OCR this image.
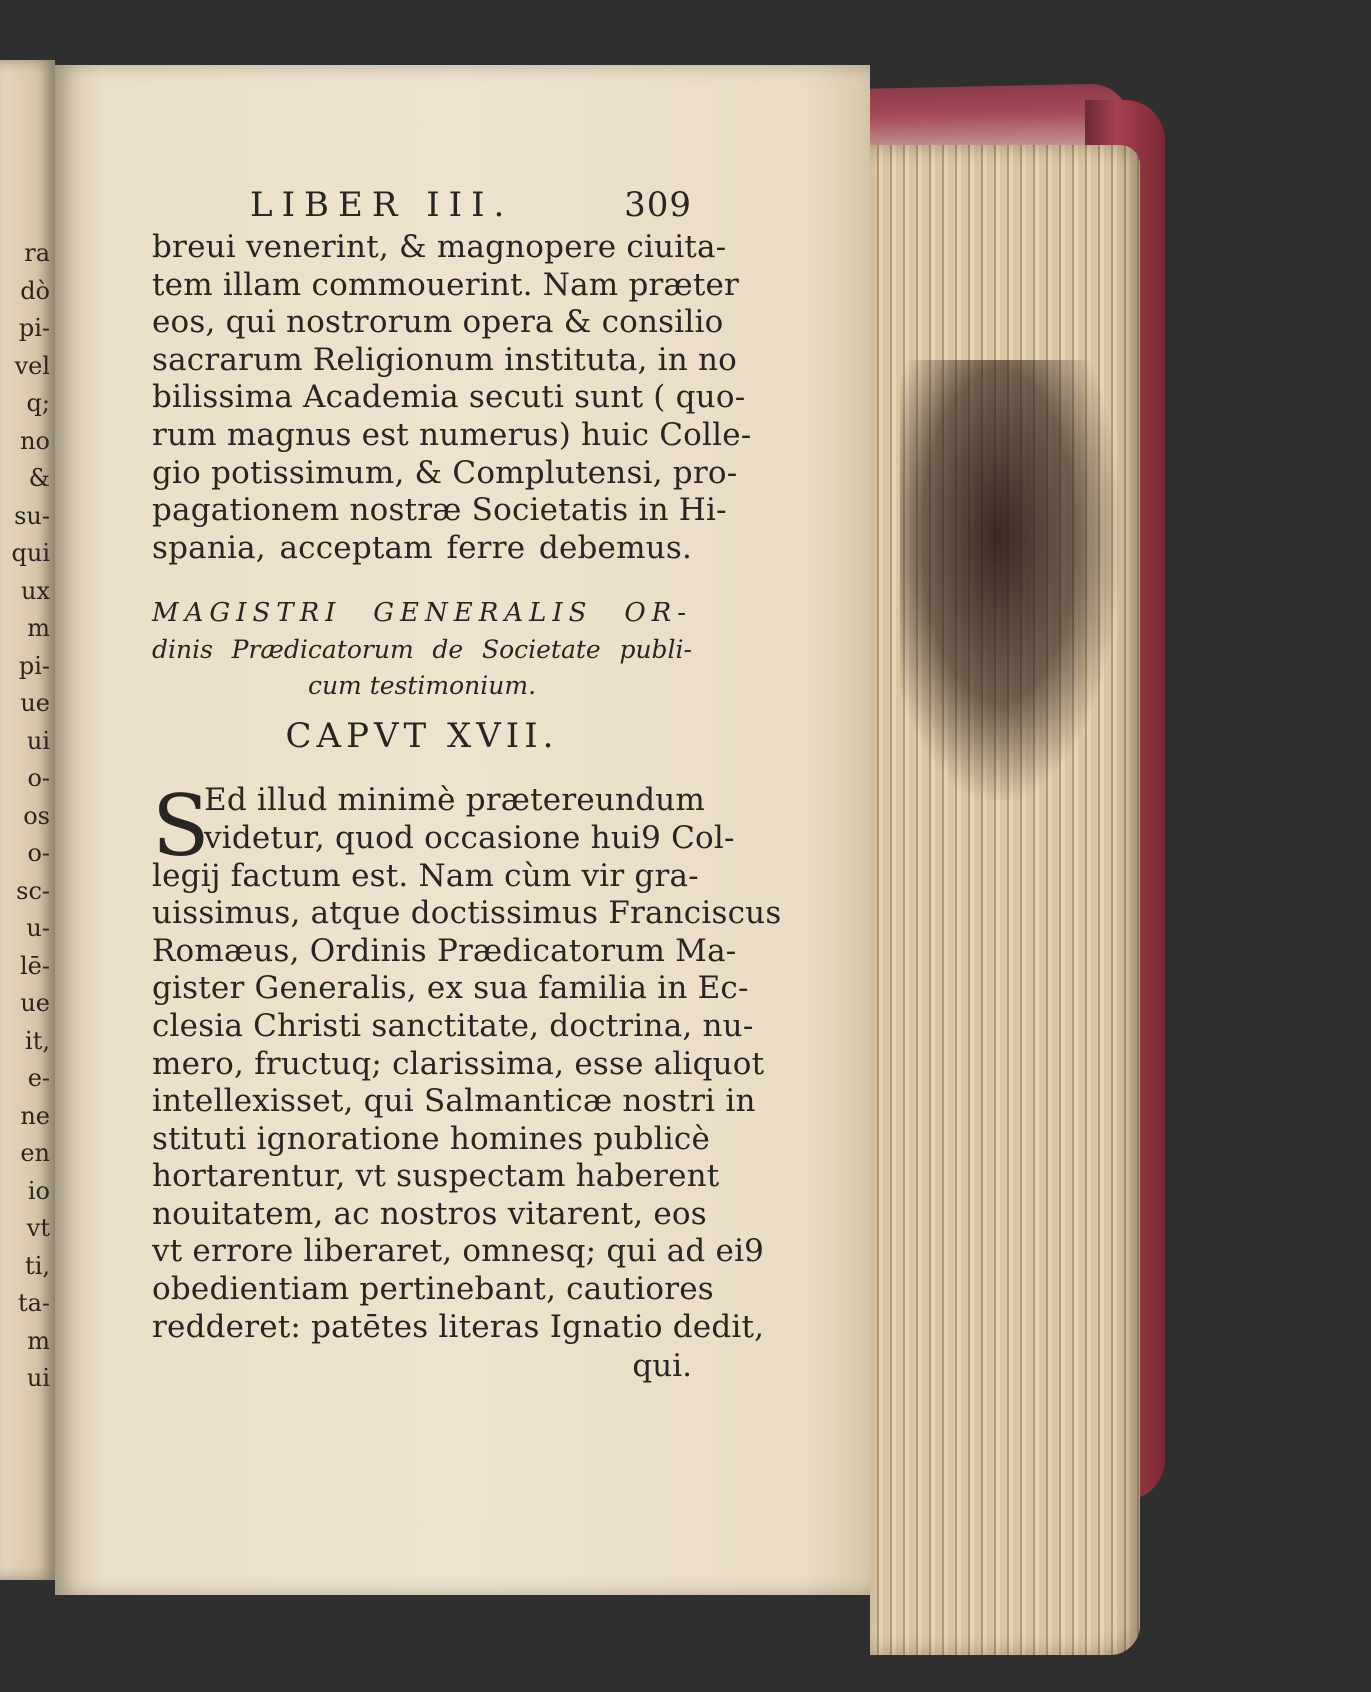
ra
dò
pi-
vel
q;
no
&
su-
qui
ux
m
pi-
ue
ui
o-
os
o-
sc-
u-
lē-
ue
it,
e-
ne
en
io
vt
ti,
ta-
m
ui
LIBER III.	309
breui venerint, & magnopere ciuita-
tem illam commouerint. Nam præter
eos, qui nostrorum opera & consilio
sacrarum Religionum instituta, in no
bilissima Academia secuti sunt ( quo-
rum magnus est numerus) huic Colle-
gio potissimum, & Complutensi, pro-
pagationem nostræ Societatis in Hi-
spania, acceptam ferre debemus.
MAGISTRI GENERALIS OR-
dinis Prædicatorum de Societate publi-
cum testimonium.
CAPVT XVII.
S
Ed illud minimè prætereundum
videtur, quod occasione hui9 Col-
legij factum est. Nam cùm vir gra-
uissimus, atque doctissimus Franciscus
Romæus, Ordinis Prædicatorum Ma-
gister Generalis, ex sua familia in Ec-
clesia Christi sanctitate, doctrina, nu-
mero, fructuq; clarissima, esse aliquot
intellexisset, qui Salmanticæ nostri in
stituti ignoratione homines publicè
hortarentur, vt suspectam haberent
nouitatem, ac nostros vitarent, eos
vt errore liberaret, omnesq; qui ad ei9
obedientiam pertinebant, cautiores
redderet: patētes literas Ignatio dedit,
qui.
